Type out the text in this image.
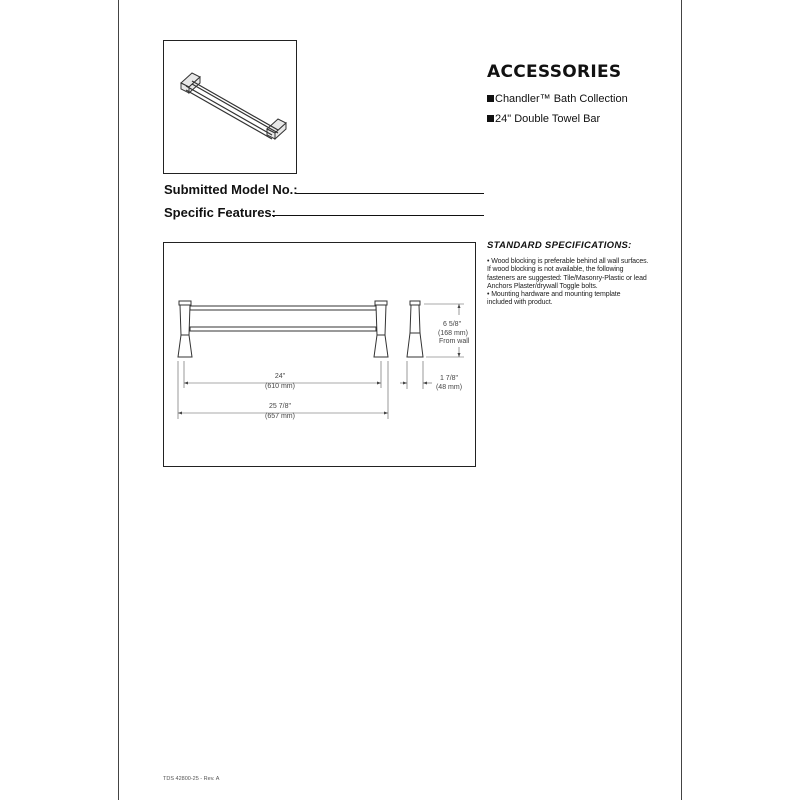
ACCESSORIES
Chandler™ Bath Collection
24" Double Towel Bar
Submitted Model No.:
Specific Features:
6 5/8"
(168 mm)
From wall
24"
(610 mm)
25 7/8"
(657 mm)
1 7/8"
(48 mm)
STANDARD SPECIFICATIONS:
• Wood blocking is preferable behind all wall surfaces.
If wood blocking is not available, the following
fasteners are suggested: Tile/Masonry-Plastic or lead
Anchors Plaster/drywall Toggle bolts.
• Mounting hardware and mounting template
included with product.
TDS 42800-25 - Rev. A
